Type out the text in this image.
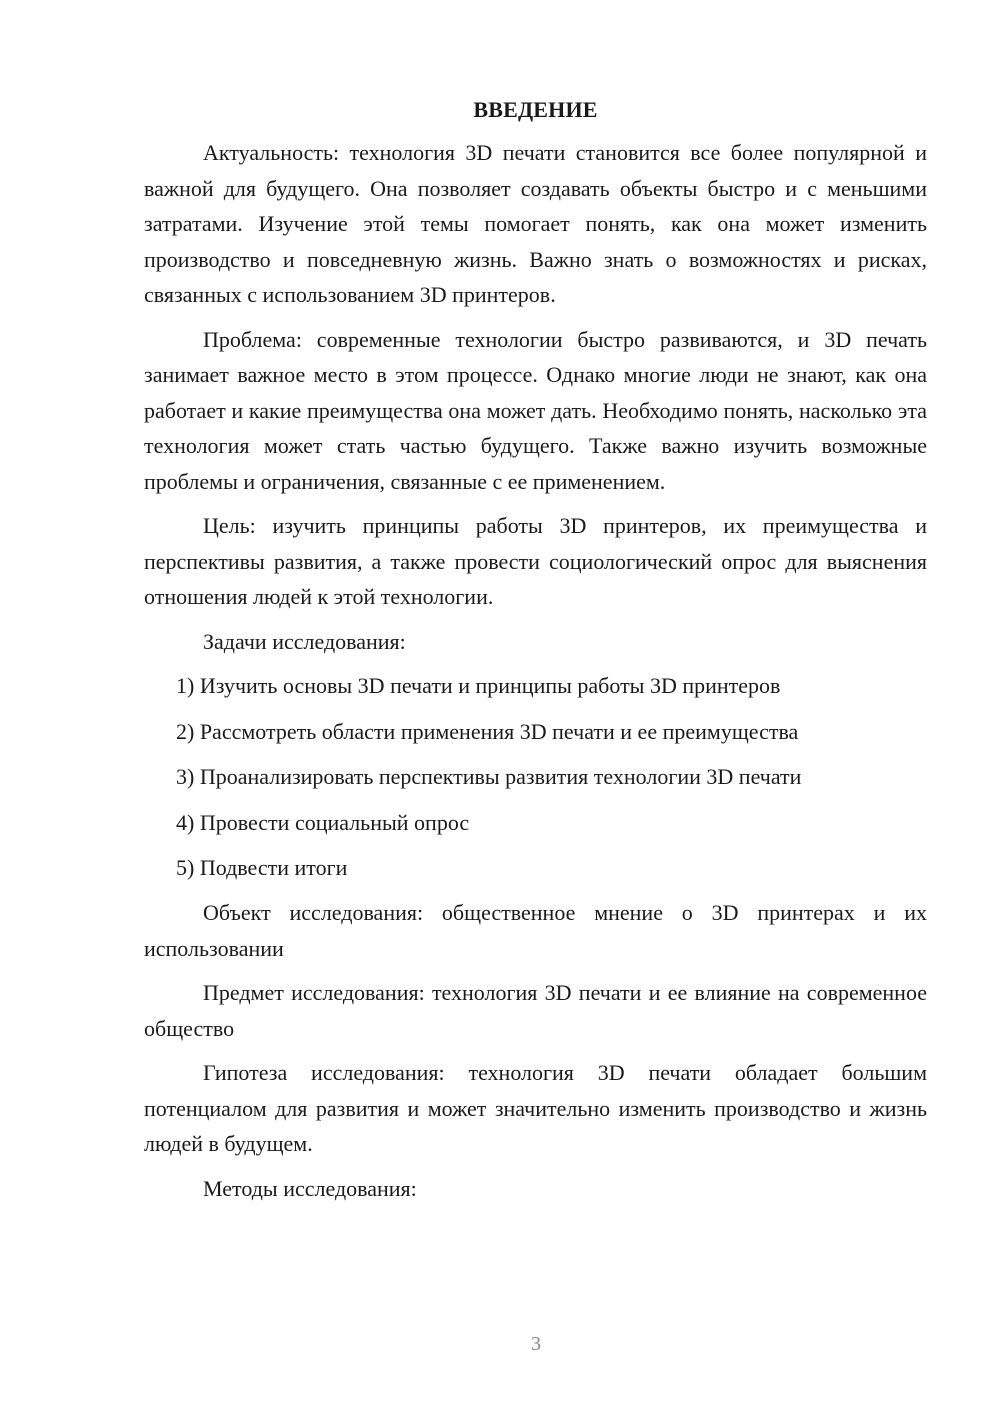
ВВЕДЕНИЕ

Актуальность: технология 3D печати становится все более популярной и важной для будущего. Она позволяет создавать объекты быстро и с меньшими затратами. Изучение этой темы помогает понять, как она может изменить производство и повседневную жизнь. Важно знать о возможностях и рисках, связанных с использованием 3D принтеров.

Проблема: современные технологии быстро развиваются, и 3D печать занимает важное место в этом процессе. Однако многие люди не знают, как она работает и какие преимущества она может дать. Необходимо понять, насколько эта технология может стать частью будущего. Также важно изучить возможные проблемы и ограничения, связанные с ее применением.

Цель: изучить принципы работы 3D принтеров, их преимущества и перспективы развития, а также провести социологический опрос для выяснения отношения людей к этой технологии.

Задачи исследования:

1) Изучить основы 3D печати и принципы работы 3D принтеров
2) Рассмотреть области применения 3D печати и ее преимущества
3) Проанализировать перспективы развития технологии 3D печати
4) Провести социальный опрос
5) Подвести итоги

Объект исследования: общественное мнение о 3D принтерах и их использовании

Предмет исследования: технология 3D печати и ее влияние на современное общество

Гипотеза исследования: технология 3D печати обладает большим потенциалом для развития и может значительно изменить производство и жизнь людей в будущем.

Методы исследования:

3
